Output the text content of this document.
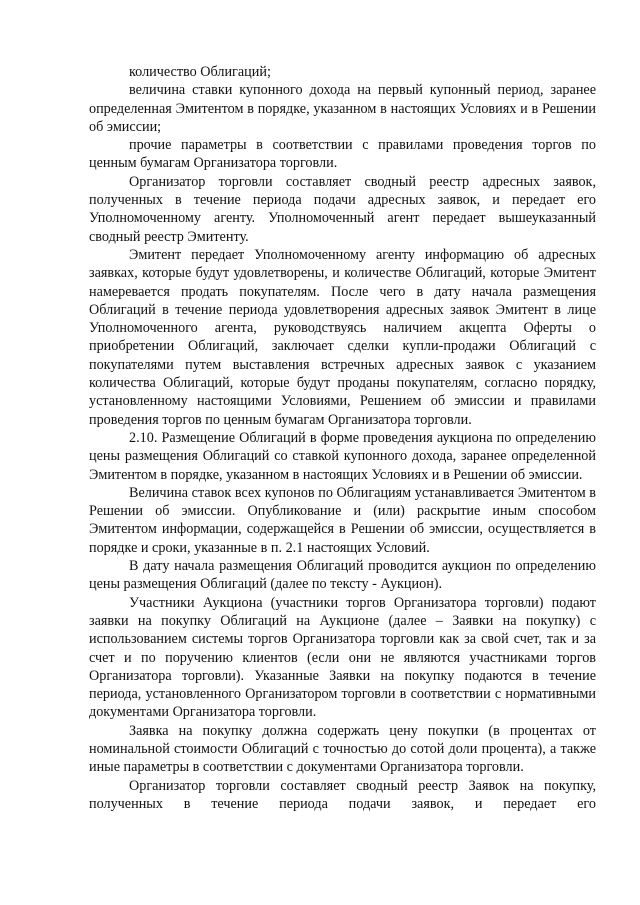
количество Облигаций;

величина ставки купонного дохода на первый купонный период, заранее определенная Эмитентом в порядке, указанном в настоящих Условиях и в Решении об эмиссии;

прочие параметры в соответствии с правилами проведения торгов по ценным бумагам Организатора торговли.

Организатор торговли составляет сводный реестр адресных заявок, полученных в течение периода подачи адресных заявок, и передает его Уполномоченному агенту. Уполномоченный агент передает вышеуказанный сводный реестр Эмитенту.

Эмитент передает Уполномоченному агенту информацию об адресных заявках, которые будут удовлетворены, и количестве Облигаций, которые Эмитент намеревается продать покупателям. После чего в дату начала размещения Облигаций в течение периода удовлетворения адресных заявок Эмитент в лице Уполномоченного агента, руководствуясь наличием акцепта Оферты о приобретении Облигаций, заключает сделки купли-продажи Облигаций с покупателями путем выставления встречных адресных заявок с указанием количества Облигаций, которые будут проданы покупателям, согласно порядку, установленному настоящими Условиями, Решением об эмиссии и правилами проведения торгов по ценным бумагам Организатора торговли.

2.10. Размещение Облигаций в форме проведения аукциона по определению цены размещения Облигаций со ставкой купонного дохода, заранее определенной Эмитентом в порядке, указанном в настоящих Условиях и в Решении об эмиссии.

Величина ставок всех купонов по Облигациям устанавливается Эмитентом в Решении об эмиссии. Опубликование и (или) раскрытие иным способом Эмитентом информации, содержащейся в Решении об эмиссии, осуществляется в порядке и сроки, указанные в п. 2.1 настоящих Условий.

В дату начала размещения Облигаций проводится аукцион по определению цены размещения Облигаций (далее по тексту - Аукцион).

Участники Аукциона (участники торгов Организатора торговли) подают заявки на покупку Облигаций на Аукционе (далее – Заявки на покупку) с использованием системы торгов Организатора торговли как за свой счет, так и за счет и по поручению клиентов (если они не являются участниками торгов Организатора торговли). Указанные Заявки на покупку подаются в течение периода, установленного Организатором торговли в соответствии с нормативными документами Организатора торговли.

Заявка на покупку должна содержать цену покупки (в процентах от номинальной стоимости Облигаций с точностью до сотой доли процента), а также иные параметры в соответствии с документами Организатора торговли.

Организатор торговли составляет сводный реестр Заявок на покупку, полученных в течение периода подачи заявок, и передает его
